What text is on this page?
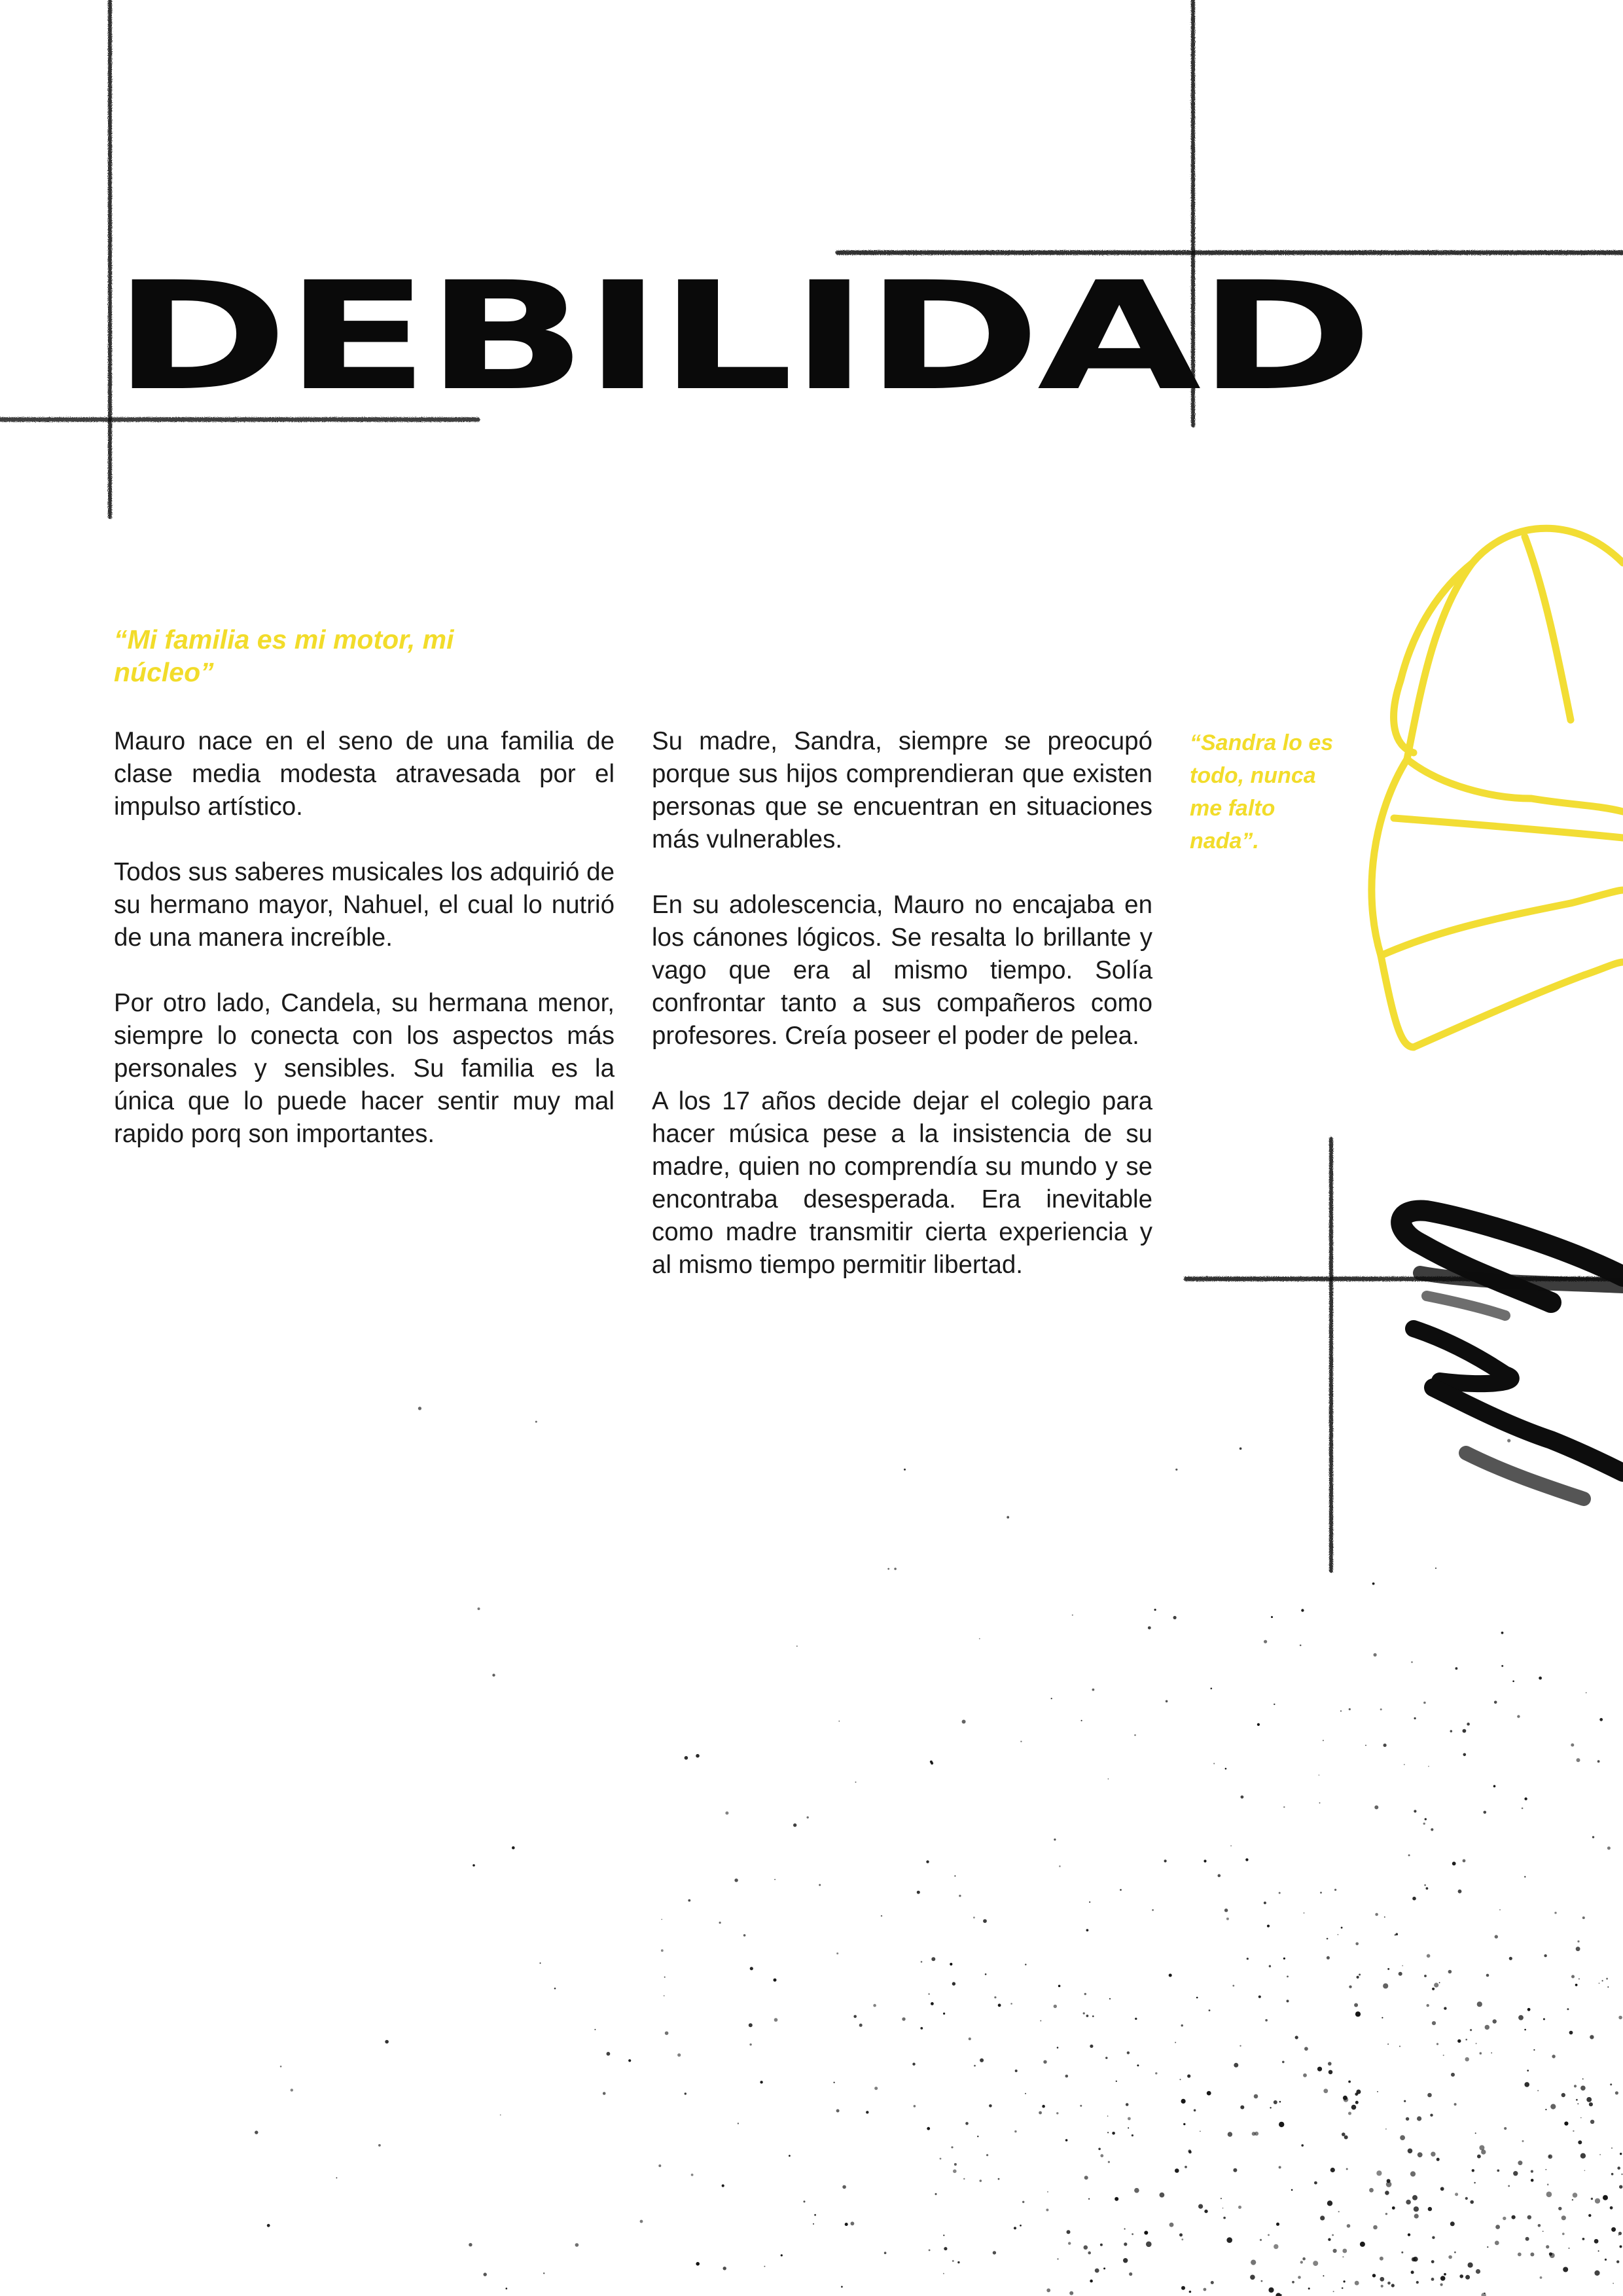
DEBILIDAD

“Mi familia es mi motor, mi núcleo”

Mauro nace en el seno de una familia de clase media modesta atravesada por el impulso artístico.

Todos sus saberes musicales los adquirió de su hermano mayor, Nahuel, el cual lo nutrió de una manera increíble.

Por otro lado, Candela, su hermana menor, siempre lo conecta con los aspectos más personales y sensibles. Su familia es la única que lo puede hacer sentir muy mal rapido porq son importantes.

Su madre, Sandra, siempre se preocupó porque sus hijos comprendieran que existen personas que se encuentran en situaciones más vulnerables.

En su adolescencia, Mauro no encajaba en los cánones lógicos. Se resalta lo brillante y vago que era al mismo tiempo. Solía confrontar tanto a sus compañeros como profesores. Creía poseer el poder de pelea.

A los 17 años decide dejar el colegio para hacer música pese a la insistencia de su madre, quien no comprendía su mundo y se encontraba desesperada. Era inevitable como madre transmitir cierta experiencia y al mismo tiempo permitir libertad.

“Sandra lo es todo, nunca me falto nada”.
